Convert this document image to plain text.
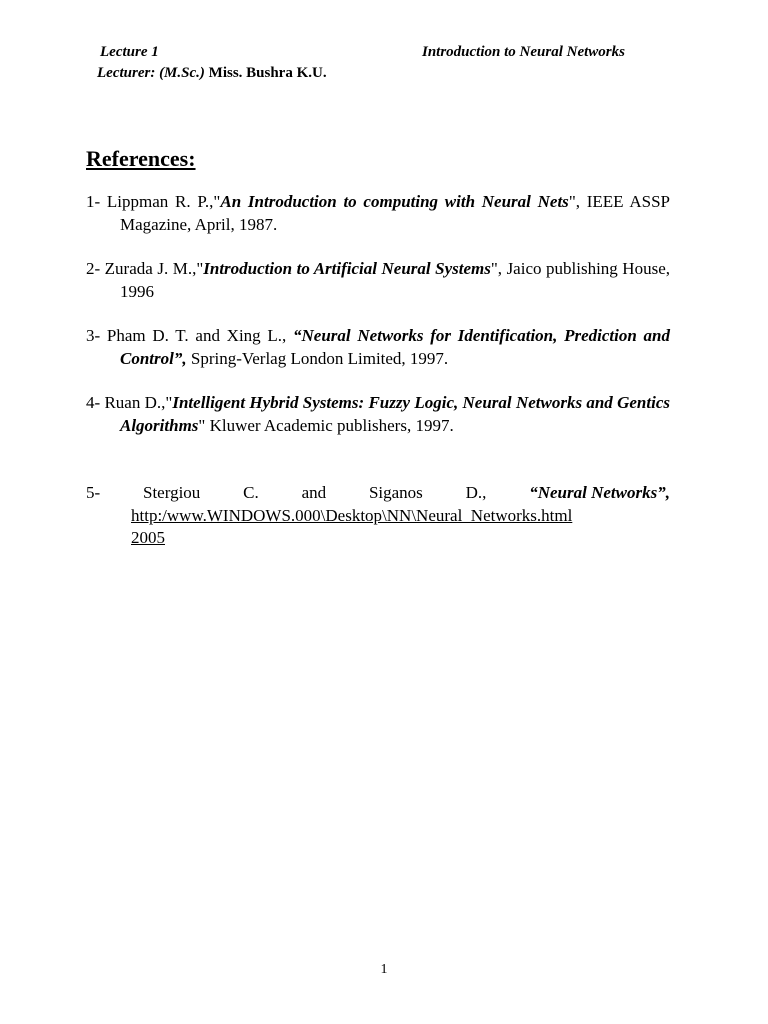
Lecture 1	Introduction to Neural Networks
Lecturer: (M.Sc.) Miss. Bushra K.U.
References:
1- Lippman R. P.,"An Introduction to computing with Neural Nets", IEEE ASSP Magazine, April, 1987.
2- Zurada J. M.,"Introduction to Artificial Neural Systems", Jaico publishing House, 1996
3- Pham D. T. and Xing L., “Neural Networks for Identification, Prediction and Control”, Spring-Verlag London Limited, 1997.
4- Ruan D.,"Intelligent Hybrid Systems: Fuzzy Logic, Neural Networks and Gentics Algorithms" Kluwer Academic publishers, 1997.
5-	Stergiou	C.	and	Siganos	D.,	“Neural Networks”,
http:/www.WINDOWS.000\Desktop\NN\Neural_Networks.html
2005
1
